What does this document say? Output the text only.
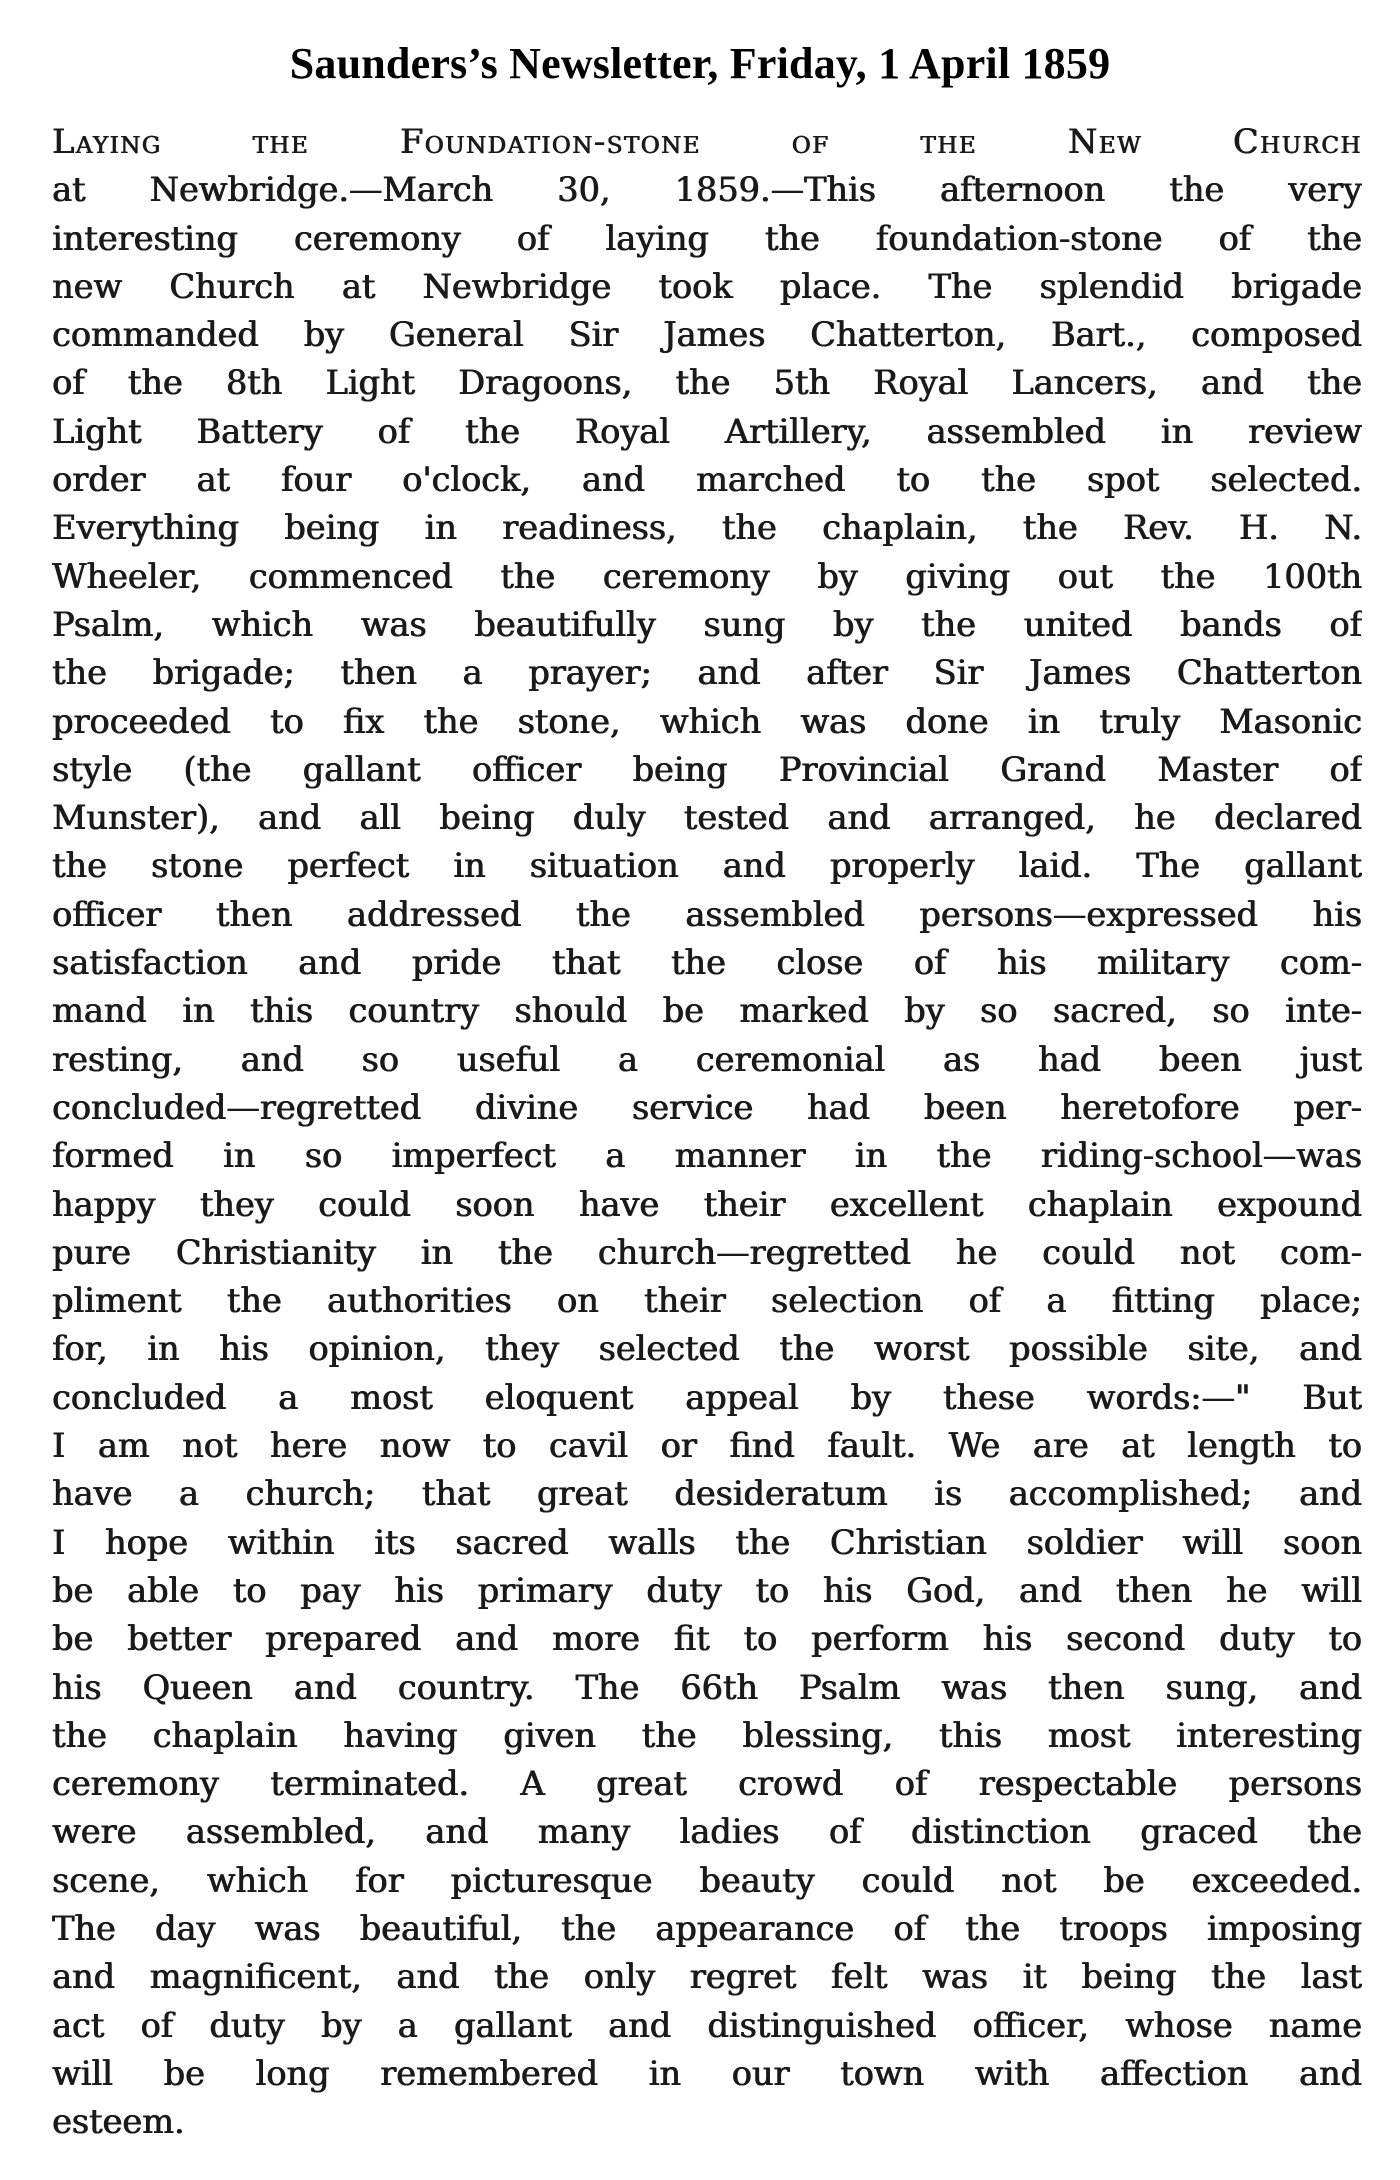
Saunders’s Newsletter, Friday, 1 April 1859
Laying the Foundation-stone of the New Church
at Newbridge.—March 30, 1859.—This afternoon the very
interesting ceremony of laying the foundation-stone of the
new Church at Newbridge took place. The splendid brigade
commanded by General Sir James Chatterton, Bart., composed
of the 8th Light Dragoons, the 5th Royal Lancers, and the
Light Battery of the Royal Artillery, assembled in review
order at four o'clock, and marched to the spot selected.
Everything being in readiness, the chaplain, the Rev. H. N.
Wheeler, commenced the ceremony by giving out the 100th
Psalm, which was beautifully sung by the united bands of
the brigade; then a prayer; and after Sir James Chatterton
proceeded to fix the stone, which was done in truly Masonic
style (the gallant officer being Provincial Grand Master of
Munster), and all being duly tested and arranged, he declared
the stone perfect in situation and properly laid. The gallant
officer then addressed the assembled persons—expressed his
satisfaction and pride that the close of his military com-
mand in this country should be marked by so sacred, so inte-
resting, and so useful a ceremonial as had been just
concluded—regretted divine service had been heretofore per-
formed in so imperfect a manner in the riding-school—was
happy they could soon have their excellent chaplain expound
pure Christianity in the church—regretted he could not com-
pliment the authorities on their selection of a fitting place;
for, in his opinion, they selected the worst possible site, and
concluded a most eloquent appeal by these words:—" But
I am not here now to cavil or find fault. We are at length to
have a church; that great desideratum is accomplished; and
I hope within its sacred walls the Christian soldier will soon
be able to pay his primary duty to his God, and then he will
be better prepared and more fit to perform his second duty to
his Queen and country. The 66th Psalm was then sung, and
the chaplain having given the blessing, this most interesting
ceremony terminated. A great crowd of respectable persons
were assembled, and many ladies of distinction graced the
scene, which for picturesque beauty could not be exceeded.
The day was beautiful, the appearance of the troops imposing
and magnificent, and the only regret felt was it being the last
act of duty by a gallant and distinguished officer, whose name
will be long remembered in our town with affection and
esteem.
